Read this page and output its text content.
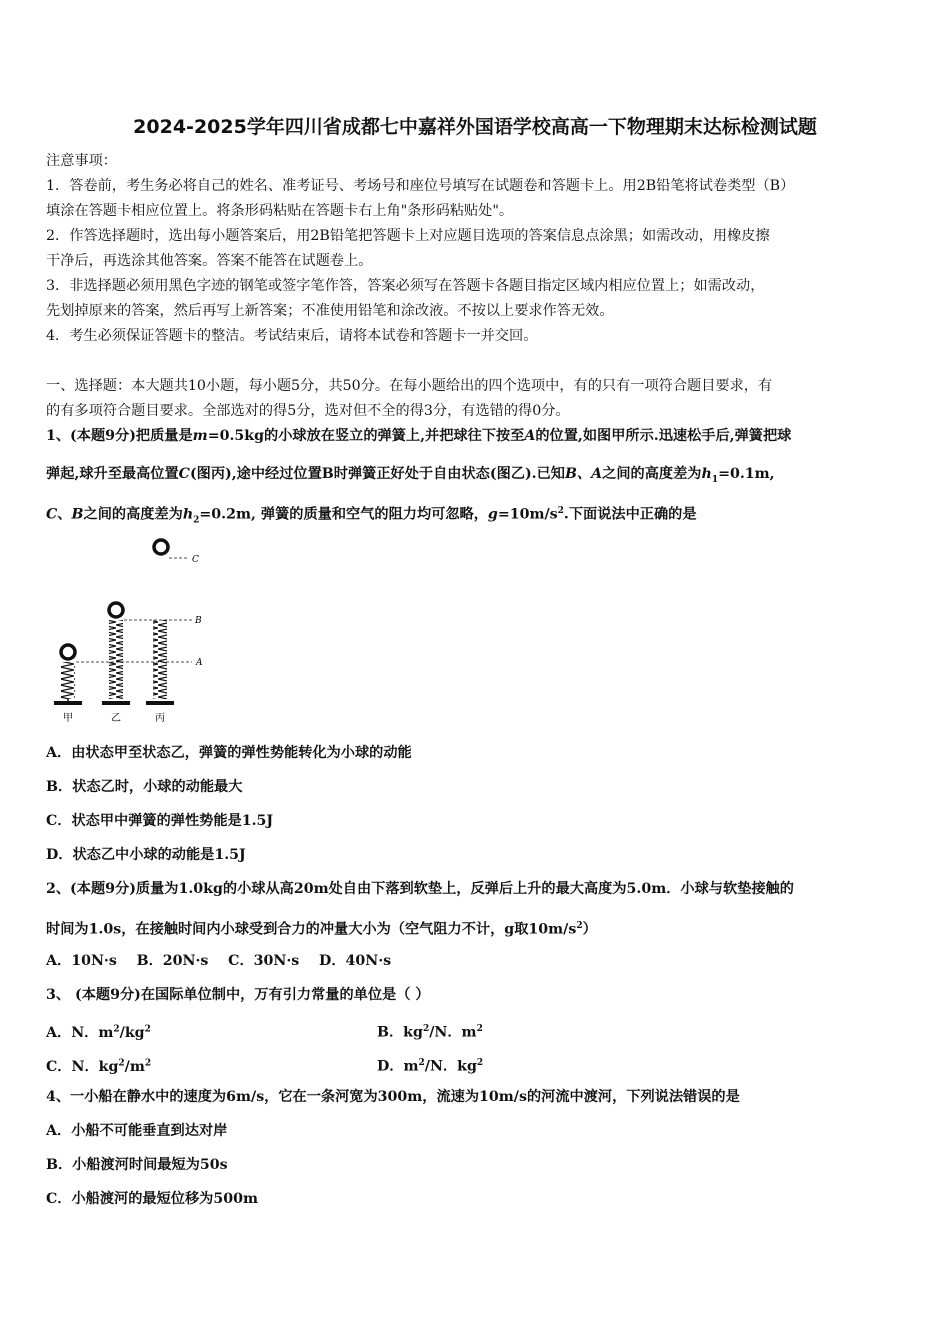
2024-2025学年四川省成都七中嘉祥外国语学校高高一下物理期末达标检测试题
注意事项：
1．答卷前，考生务必将自己的姓名、准考证号、考场号和座位号填写在试题卷和答题卡上。用2B铅笔将试卷类型（B）
填涂在答题卡相应位置上。将条形码粘贴在答题卡右上角"条形码粘贴处"。
2．作答选择题时，选出每小题答案后，用2B铅笔把答题卡上对应题目选项的答案信息点涂黑；如需改动，用橡皮擦
干净后，再选涂其他答案。答案不能答在试题卷上。
3．非选择题必须用黑色字迹的钢笔或签字笔作答，答案必须写在答题卡各题目指定区域内相应位置上；如需改动，
先划掉原来的答案，然后再写上新答案；不准使用铅笔和涂改液。不按以上要求作答无效。
4．考生必须保证答题卡的整洁。考试结束后，请将本试卷和答题卡一并交回。
一、选择题：本大题共10小题，每小题5分，共50分。在每小题给出的四个选项中，有的只有一项符合题目要求，有
的有多项符合题目要求。全部选对的得5分，选对但不全的得3分，有选错的得0分。
1、(本题9分)把质量是m=0.5kg的小球放在竖立的弹簧上,并把球往下按至A的位置,如图甲所示.迅速松手后,弹簧把球
弹起,球升至最高位置C(图丙),途中经过位置B时弹簧正好处于自由状态(图乙).已知B、A之间的高度差为$h_1=0.1m$,
C、B之间的高度差为$h_2=0.2m$, 弹簧的质量和空气的阻力均可忽略，$g=10m/s^2$.下面说法中正确的是
C
B
A
甲	乙	丙
A．由状态甲至状态乙，弹簧的弹性势能转化为小球的动能
B．状态乙时，小球的动能最大
C．状态甲中弹簧的弹性势能是1.5J
D．状态乙中小球的动能是1.5J
2、(本题9分)质量为1.0kg的小球从高20m处自由下落到软垫上，反弹后上升的最大高度为5.0m．小球与软垫接触的
时间为1.0s，在接触时间内小球受到合力的冲量大小为（空气阻力不计，g取$10m/s^2$）
A．10N·s    B．20N·s    C．30N·s    D．40N·s
3、 (本题9分)在国际单位制中，万有引力常量的单位是（ ）
A．N．$m^2/kg^2$	B．$kg^2/N$．$m^2$
C．N．$kg^2/m^2$	D．$m^2/N$．$kg^2$
4、一小船在静水中的速度为6m/s，它在一条河宽为300m，流速为10m/s的河流中渡河，下列说法错误的是
A．小船不可能垂直到达对岸
B．小船渡河时间最短为50s
C．小船渡河的最短位移为500m
